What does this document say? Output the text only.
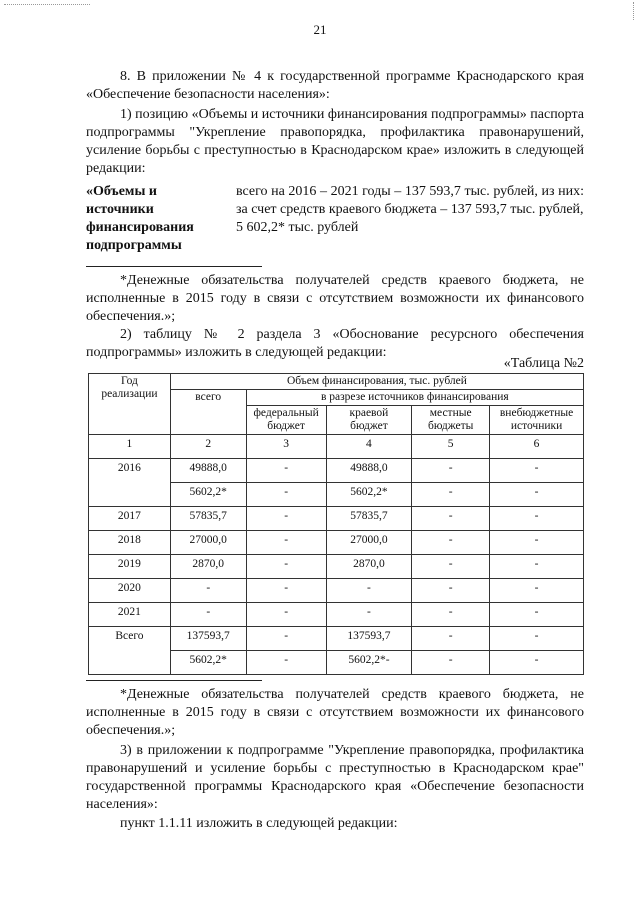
21
8. В приложении № 4 к государственной программе Краснодарского края «Обеспечение безопасности населения»:
1) позицию «Объемы и источники финансирования подпрограммы» паспорта подпрограммы "Укрепление правопорядка, профилактика правонарушений, усиление борьбы с преступностью в Краснодарском крае» изложить в следующей редакции:
«Объемы и источники финансирования подпрограммы
всего на 2016 – 2021 годы – 137 593,7 тыс. рублей, из них: за счет средств краевого бюджета – 137 593,7 тыс. рублей,
5 602,2* тыс. рублей
*Денежные обязательства получателей средств краевого бюджета, не исполненные в 2015 году в связи с отсутствием возможности их финансового обеспечения.»;
2) таблицу № 2 раздела 3 «Обоснование ресурсного обеспечения подпрограммы» изложить в следующей редакции:
«Таблица №2
Год реализации	Объем финансирования, тыс. рублей				
	всего	в разрезе источников финансирования			
		федеральный бюджет	краевой бюджет	местные бюджеты	внебюджетные источники
1	2	3	4	5	6
2016	49888,0	-	49888,0	-	-
	5602,2*	-	5602,2*	-	-
2017	57835,7	-	57835,7	-	-
2018	27000,0	-	27000,0	-	-
2019	2870,0	-	2870,0	-	-
2020	-	-	-	-	-
2021	-	-	-	-	-
Всего	137593,7	-	137593,7	-	-
	5602,2*	-	5602,2*-	-	-
*Денежные обязательства получателей средств краевого бюджета, не исполненные в 2015 году в связи с отсутствием возможности их финансового обеспечения.»;
3) в приложении к подпрограмме "Укрепление правопорядка, профилактика правонарушений и усиление борьбы с преступностью в Краснодарском крае" государственной программы Краснодарского края «Обеспечение безопасности населения»:
пункт 1.1.11 изложить в следующей редакции:
